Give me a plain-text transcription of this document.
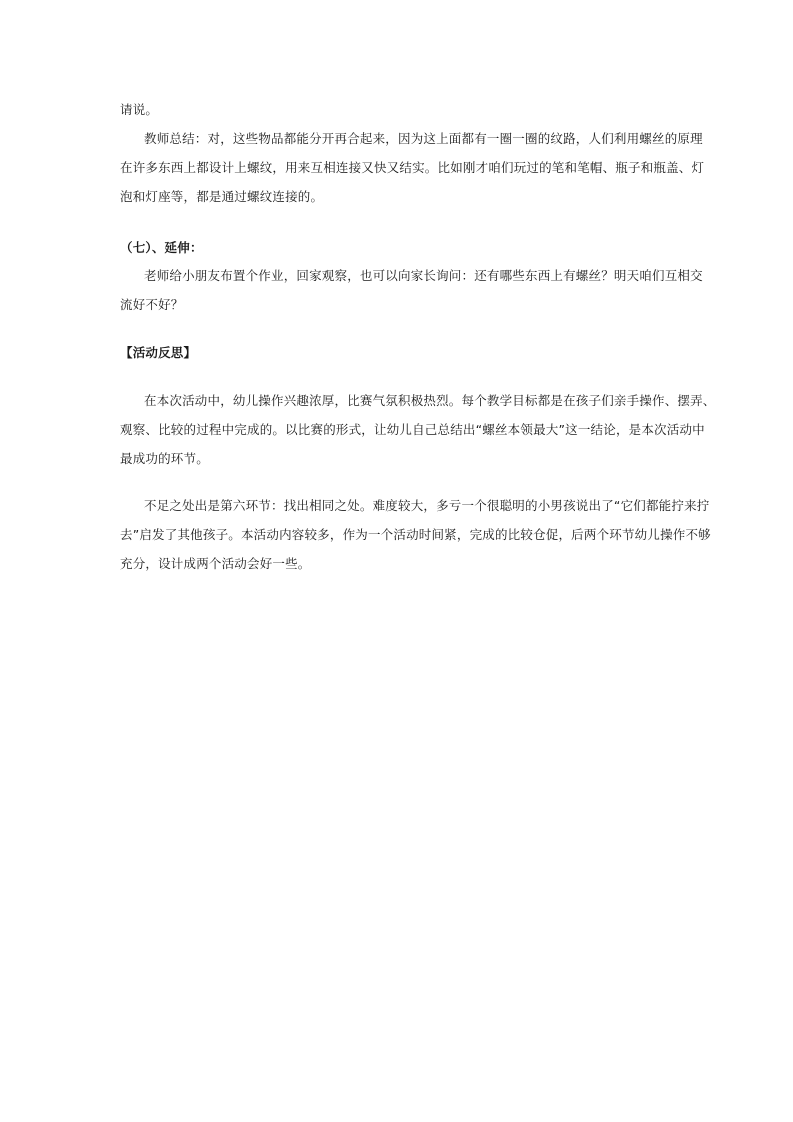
请说。
教师总结：对，这些物品都能分开再合起来，因为这上面都有一圈一圈的纹路，人们利用螺丝的原理
在许多东西上都设计上螺纹，用来互相连接又快又结实。比如刚才咱们玩过的笔和笔帽、瓶子和瓶盖、灯
泡和灯座等，都是通过螺纹连接的。
（七）、延伸：
老师给小朋友布置个作业，回家观察，也可以向家长询问：还有哪些东西上有螺丝？明天咱们互相交
流好不好？
【活动反思】
在本次活动中，幼儿操作兴趣浓厚，比赛气氛积极热烈。每个教学目标都是在孩子们亲手操作、摆弄、
观察、比较的过程中完成的。以比赛的形式，让幼儿自己总结出“螺丝本领最大”这一结论，是本次活动中
最成功的环节。
不足之处出是第六环节：找出相同之处。难度较大，多亏一个很聪明的小男孩说出了“它们都能拧来拧
去”启发了其他孩子。本活动内容较多，作为一个活动时间紧，完成的比较仓促，后两个环节幼儿操作不够
充分，设计成两个活动会好一些。
